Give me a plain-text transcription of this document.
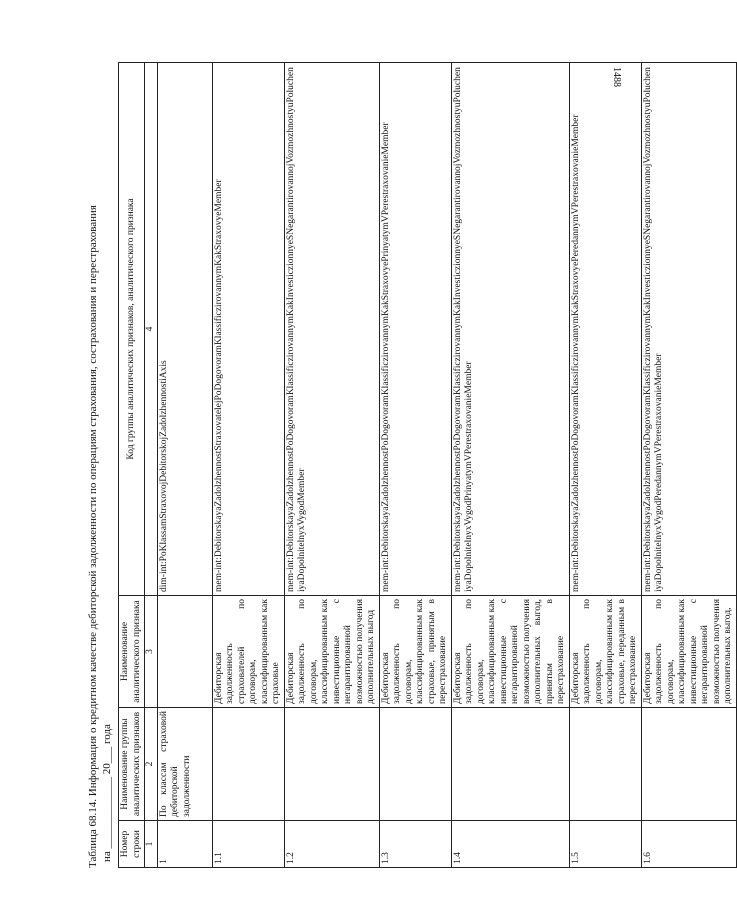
1488
Таблица 68.14. Информация о кредитном качестве дебиторской задолженности по операциям страхования, сострахования и перестрахования на _____________ 20___ года Номер строки	Наименование группы аналитических признаков	Наименование аналитического признака	Код группы аналитических признаков, аналитического признака
1	2	3	4
1	По классам страховой дебиторской задолженности		dim-int:PoKlassamStraxovojDebitorskojZadolzhennostiAxis
1.1		Дебиторская задолженность страхователей по договорам, классифицированным как страховые	mem-int:DebitorskayaZadolzhennostStraxovatelejPoDogovoramKlassificzirovannymKakStraxovyeMember
1.2		Дебиторская задолженность по договорам, классифицированным как инвестиционные с негарантированной возможностью получения дополнительных выгод	mem-int:DebitorskayaZadolzhennostPoDogovoramKlassificzirovannymKakInvesticzionnyeSNegarantirovannojVozmozhnostyuPolucheniyaDopolnitelnyxVygodMember
1.3		Дебиторская задолженность по договорам, классифицированным как страховые, принятым в перестрахование	mem-int:DebitorskayaZadolzhennostPoDogovoramKlassificzirovannymKakStraxovyePrinyatymVPerestraxovanieMember
1.4		Дебиторская задолженность по договорам, классифицированным как инвестиционные с негарантированной возможностью получения дополнительных выгод, принятым в перестрахование	mem-int:DebitorskayaZadolzhennostPoDogovoramKlassificzirovannymKakInvesticzionnyeSNegarantirovannojVozmozhnostyuPolucheniyaDopolnitelnyxVygodPrinyatymVPerestraxovanieMember
1.5		Дебиторская задолженность по договорам, классифицированным как страховые, переданным в перестрахование	mem-int:DebitorskayaZadolzhennostPoDogovoramKlassificzirovannymKakStraxovyePeredannymVPerestraxovanieMember
1.6		Дебиторская задолженность по договорам, классифицированным как инвестиционные с негарантированной возможностью получения дополнительных выгод,	mem-int:DebitorskayaZadolzhennostPoDogovoramKlassificzirovannymKakInvesticzionnyeSNegarantirovannojVozmozhnostyuPolucheniyaDopolnitelnyxVygodPeredannymVPerestraxovanieMember
